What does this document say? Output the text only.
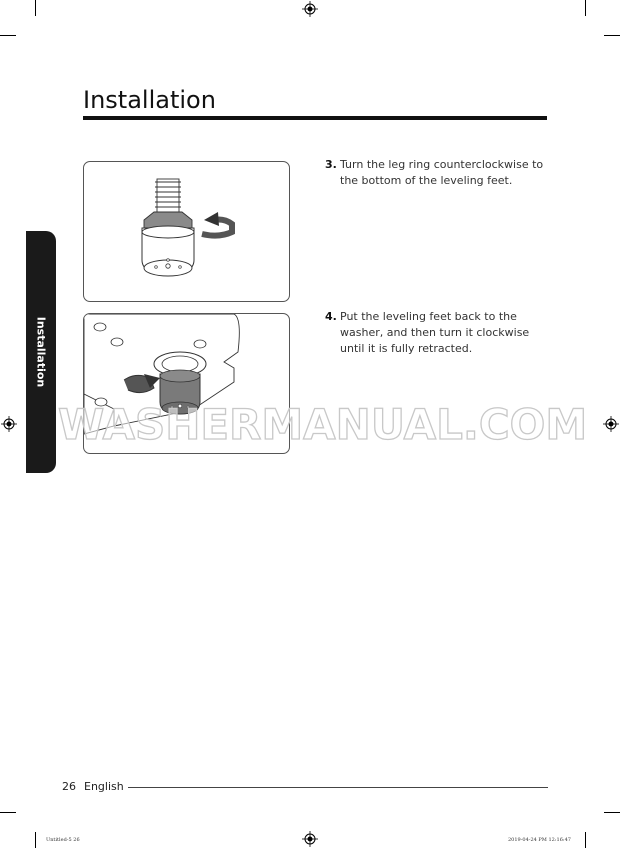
Installation
Installation
3. Turn the leg ring counterclockwise to the bottom of the leveling feet.
4. Put the leveling feet back to the washer, and then turn it clockwise until it is fully retracted.
WASHERMANUAL.COM
26 English
Untitled-5 26	2019-04-24 PM 12:16:47
